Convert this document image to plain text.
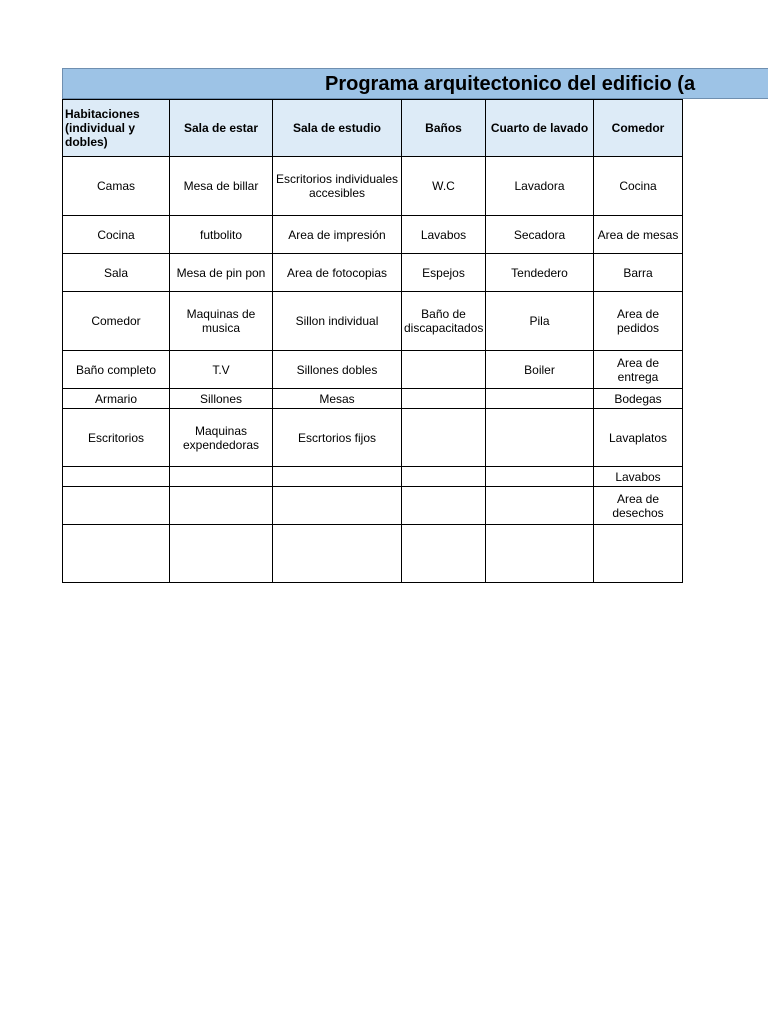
Programa arquitectonico del edificio (a
Habitaciones (individual y dobles)	Sala de estar	Sala de estudio	Baños	Cuarto de lavado	Comedor
Camas	Mesa de billar	Escritorios individuales accesibles	W.C	Lavadora	Cocina
Cocina	futbolito	Area de impresión	Lavabos	Secadora	Area de mesas
Sala	Mesa de pin pon	Area de fotocopias	Espejos	Tendedero	Barra
Comedor	Maquinas de musica	Sillon individual	Baño de discapacitados	Pila	Area de pedidos
Baño completo	T.V	Sillones dobles		Boiler	Area de entrega
Armario	Sillones	Mesas			Bodegas
Escritorios	Maquinas expendedoras	Escrtorios fijos			Lavaplatos
					Lavabos
					Area de desechos
